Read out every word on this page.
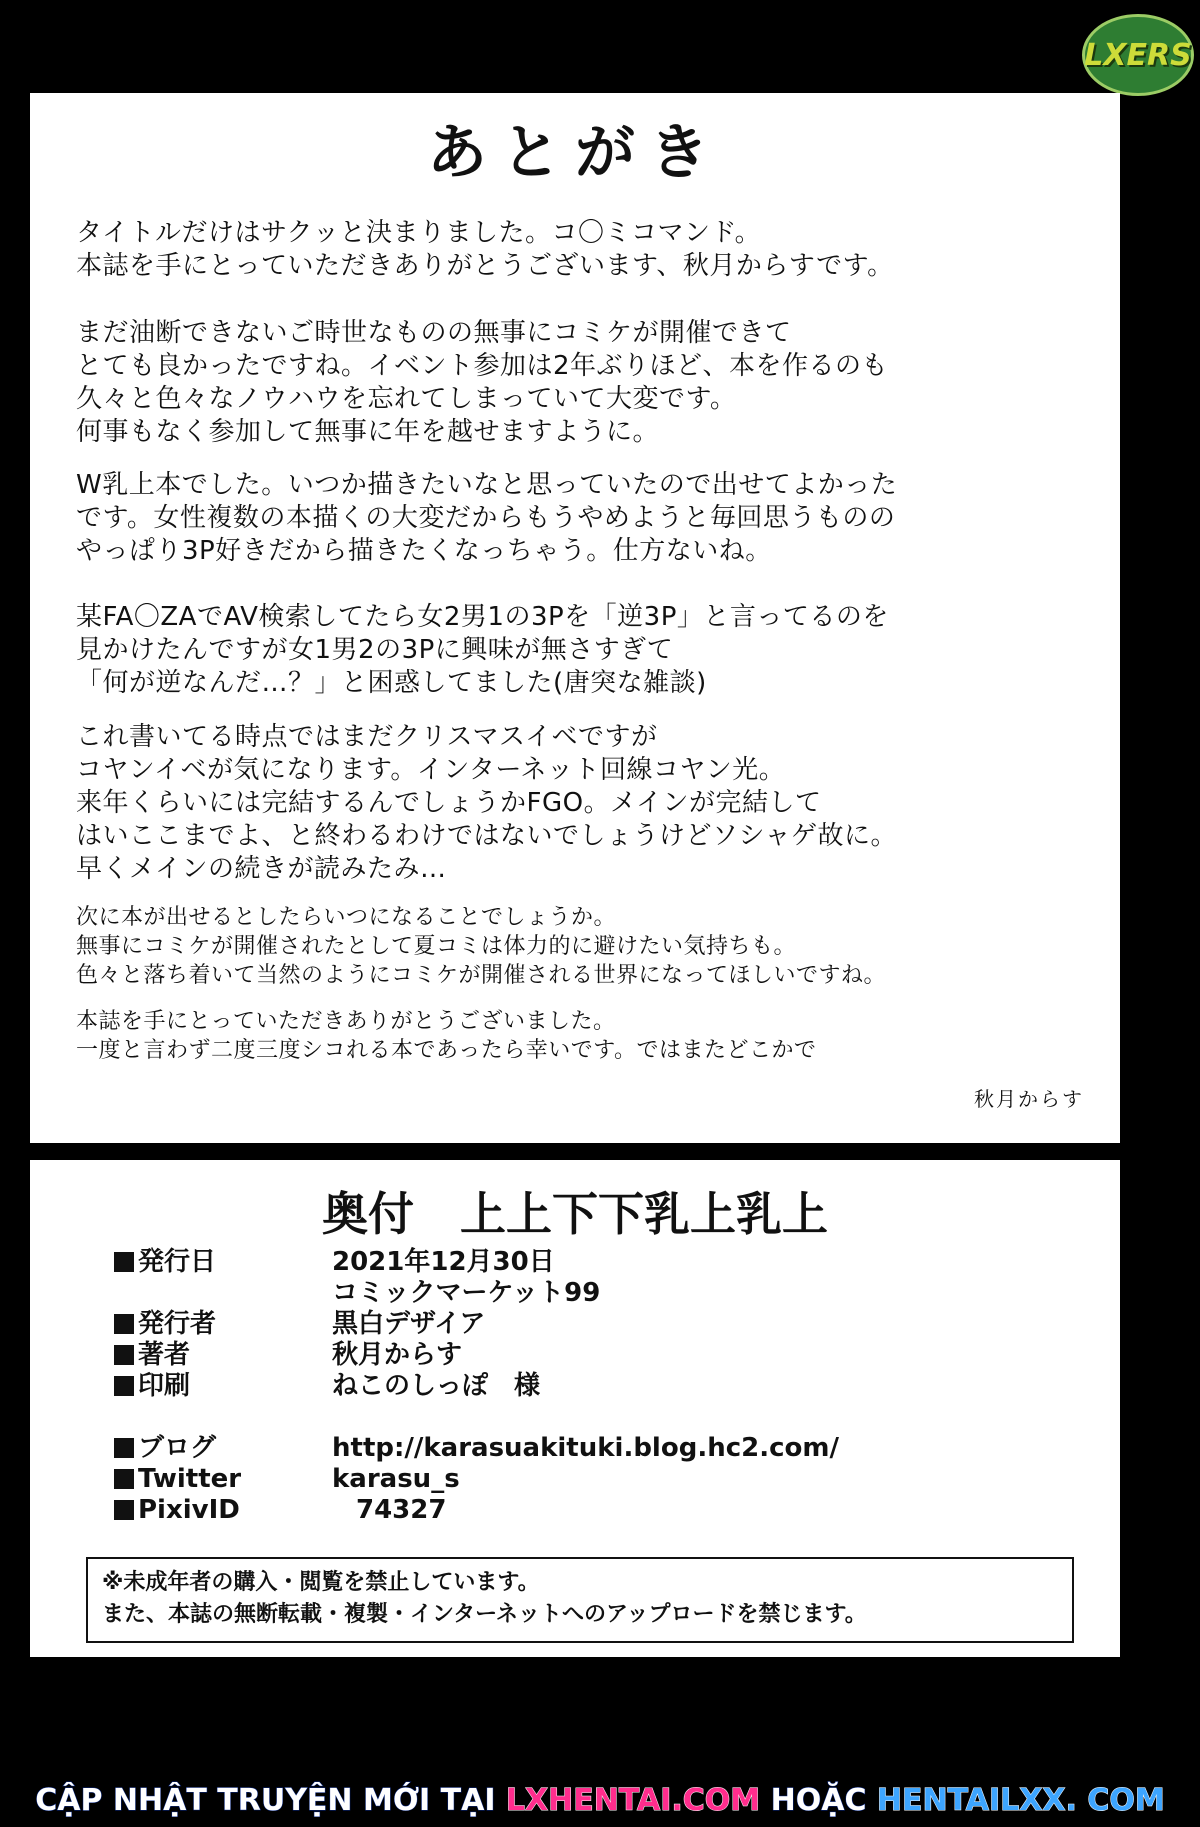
LXERS
あとがき
タイトルだけはサクッと決まりました。コ〇ミコマンド。
本誌を手にとっていただきありがとうございます、秋月からすです。
まだ油断できないご時世なものの無事にコミケが開催できて
とても良かったですね。イベント参加は2年ぶりほど、本を作るのも
久々と色々なノウハウを忘れてしまっていて大変です。
何事もなく参加して無事に年を越せますように。
W乳上本でした。いつか描きたいなと思っていたので出せてよかった
です。女性複数の本描くの大変だからもうやめようと毎回思うものの
やっぱり3P好きだから描きたくなっちゃう。仕方ないね。
某FA〇ZAでAV検索してたら女2男1の3Pを「逆3P」と言ってるのを
見かけたんですが女1男2の3Pに興味が無さすぎて
「何が逆なんだ…？」と困惑してました(唐突な雑談)
これ書いてる時点ではまだクリスマスイベですが
コヤンイベが気になります。インターネット回線コヤン光。
来年くらいには完結するんでしょうかFGO。メインが完結して
はいここまでよ、と終わるわけではないでしょうけどソシャゲ故に。
早くメインの続きが読みたみ…
次に本が出せるとしたらいつになることでしょうか。
無事にコミケが開催されたとして夏コミは体力的に避けたい気持ちも。
色々と落ち着いて当然のようにコミケが開催される世界になってほしいですね。
本誌を手にとっていただきありがとうございました。
一度と言わず二度三度シコれる本であったら幸いです。ではまたどこかで
秋月からす
奥付　上上下下乳上乳上
発行日	2021年12月30日
コミックマーケット99
発行者	黒白デザイア
著者	秋月からす
印刷	ねこのしっぽ　様
ブログ	http://karasuakituki.blog.hc2.com/
Twitter	karasu_s
PixivID	74327
※未成年者の購入・閲覧を禁止しています。
また、本誌の無断転載・複製・インターネットへのアップロードを禁じます。
CẬP NHẬT TRUYỆN MỚI TẠI LXHENTAI.COM HOẶC HENTAILXX. COM
